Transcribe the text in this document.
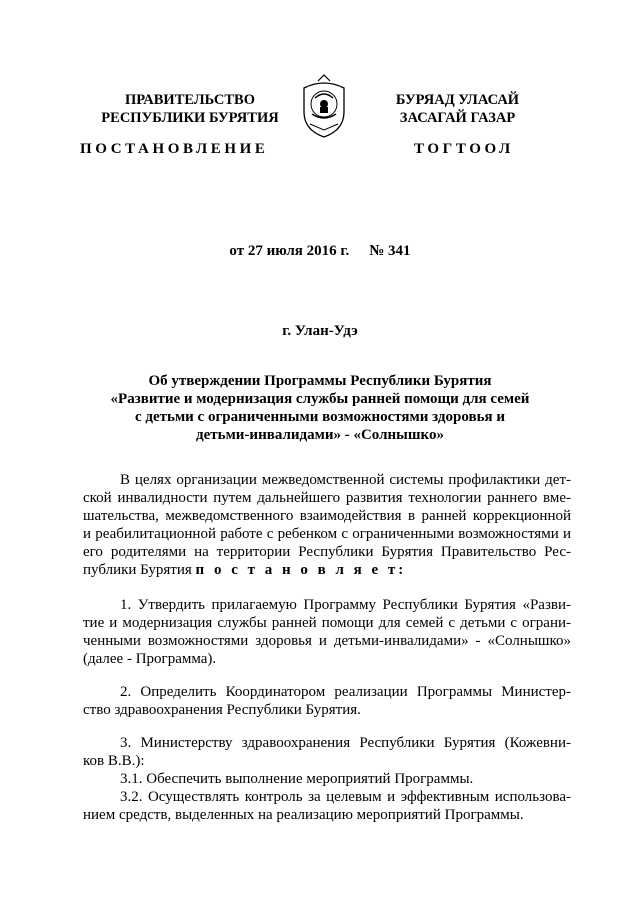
ПРАВИТЕЛЬСТВО
РЕСПУБЛИКИ БУРЯТИЯ
БУРЯАД УЛАСАЙ
ЗАСАГАЙ ГАЗАР
ПОСТАНОВЛЕНИЕ	ТОГТООЛ
от 27 июля 2016 г. № 341
г. Улан-Удэ
Об утверждении Программы Республики Бурятия
«Развитие и модернизация службы ранней помощи для семей
с детьми с ограниченными возможностями здоровья и
детьми-инвалидами» - «Солнышко»
В целях организации межведомственной системы профилактики дет-
ской инвалидности путем дальнейшего развития технологии раннего вме-
шательства, межведомственного взаимодействия в ранней коррекционной
и реабилитационной работе с ребенком с ограниченными возможностями и
его родителями на территории Республики Бурятия Правительство Рес-
публики Бурятия п о с т а н о в л я е т:
1. Утвердить прилагаемую Программу Республики Бурятия «Разви-
тие и модернизация службы ранней помощи для семей с детьми с ограни-
ченными возможностями здоровья и детьми-инвалидами» - «Солнышко»
(далее - Программа).
2. Определить Координатором реализации Программы Министер-
ство здравоохранения Республики Бурятия.
3. Министерству здравоохранения Республики Бурятия (Кожевни-
ков В.В.):
3.1. Обеспечить выполнение мероприятий Программы.
3.2. Осуществлять контроль за целевым и эффективным использова-
нием средств, выделенных на реализацию мероприятий Программы.
